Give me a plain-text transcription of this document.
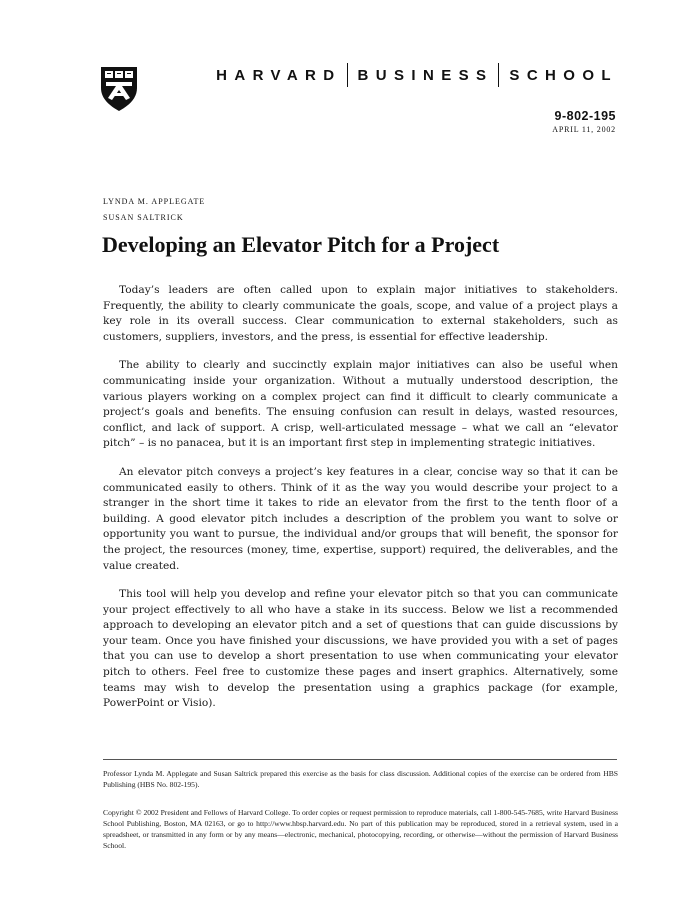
HARVARD BUSINESS SCHOOL
9-802-195
APRIL 11, 2002
LYNDA M. APPLEGATE
SUSAN SALTRICK
Developing an Elevator Pitch for a Project

Today’s leaders are often called upon to explain major initiatives to stakeholders. Frequently, the ability to clearly communicate the goals, scope, and value of a project plays a key role in its overall success. Clear communication to external stakeholders, such as customers, suppliers, investors, and the press, is essential for effective leadership.

The ability to clearly and succinctly explain major initiatives can also be useful when communicating inside your organization. Without a mutually understood description, the various players working on a complex project can find it difficult to clearly communicate a project’s goals and benefits. The ensuing confusion can result in delays, wasted resources, conflict, and lack of support. A crisp, well-articulated message – what we call an “elevator pitch” – is no panacea, but it is an important first step in implementing strategic initiatives.

An elevator pitch conveys a project’s key features in a clear, concise way so that it can be communicated easily to others. Think of it as the way you would describe your project to a stranger in the short time it takes to ride an elevator from the first to the tenth floor of a building. A good elevator pitch includes a description of the problem you want to solve or opportunity you want to pursue, the individual and/or groups that will benefit, the sponsor for the project, the resources (money, time, expertise, support) required, the deliverables, and the value created.

This tool will help you develop and refine your elevator pitch so that you can communicate your project effectively to all who have a stake in its success. Below we list a recommended approach to developing an elevator pitch and a set of questions that can guide discussions by your team. Once you have finished your discussions, we have provided you with a set of pages that you can use to develop a short presentation to use when communicating your elevator pitch to others. Feel free to customize these pages and insert graphics. Alternatively, some teams may wish to develop the presentation using a graphics package (for example, PowerPoint or Visio).

Professor Lynda M. Applegate and Susan Saltrick prepared this exercise as the basis for class discussion. Additional copies of the exercise can be ordered from HBS Publishing (HBS No. 802-195).
Copyright © 2002 President and Fellows of Harvard College. To order copies or request permission to reproduce materials, call 1-800-545-7685, write Harvard Business School Publishing, Boston, MA 02163, or go to http://www.hbsp.harvard.edu. No part of this publication may be reproduced, stored in a retrieval system, used in a spreadsheet, or transmitted in any form or by any means—electronic, mechanical, photocopying, recording, or otherwise—without the permission of Harvard Business School.
